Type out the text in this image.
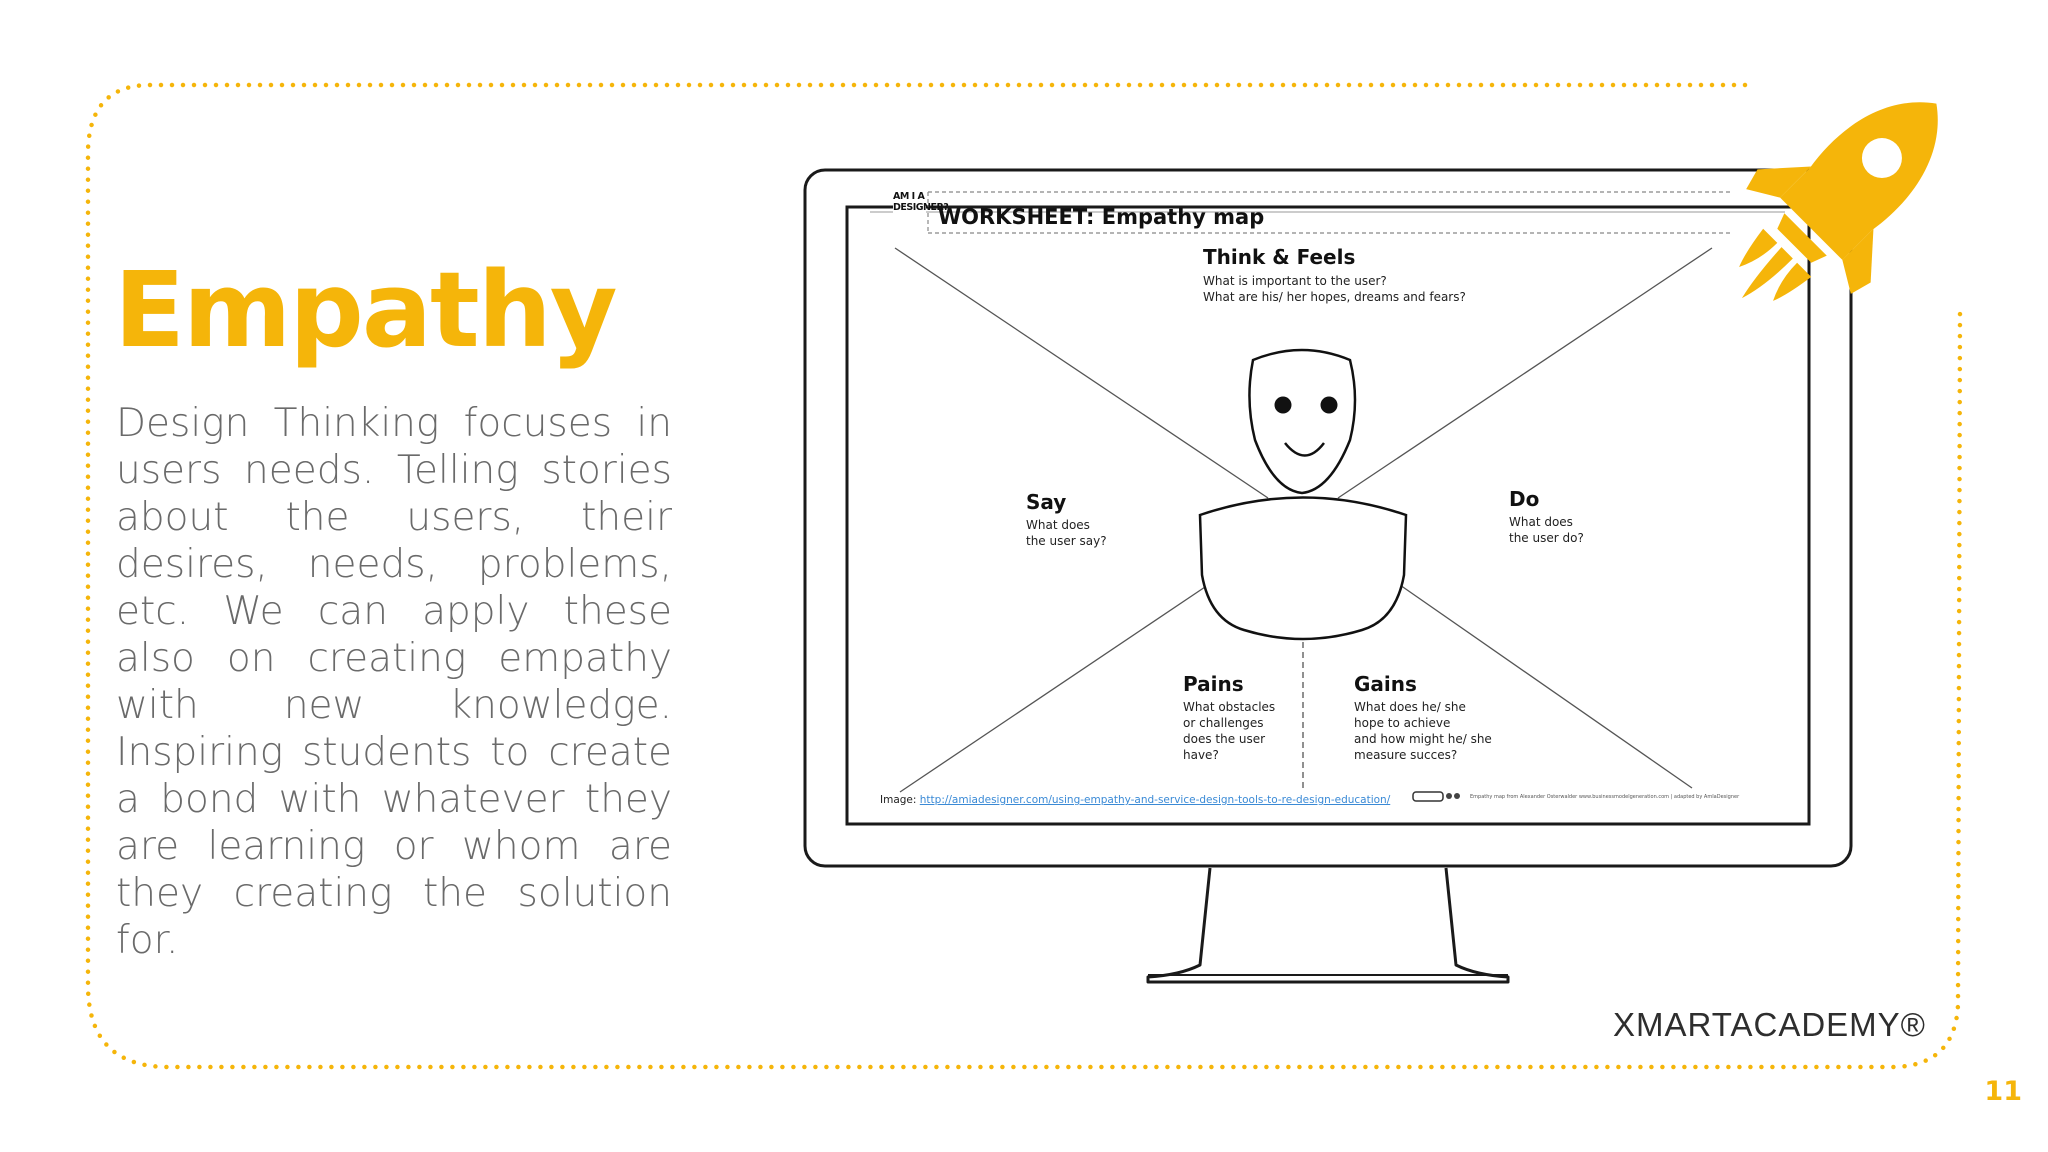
Empathy

Design Thinking focuses in users needs. Telling stories about the users, their desires, needs, problems, etc. We can apply these also on creating empathy with new knowledge. Inspiring students to create a bond with whatever they are learning or whom are they creating the solution for.

AM I A DESIGNER?
WORKSHEET: Empathy map
Think & Feels
What is important to the user?
What are his/ her hopes, dreams and fears?
Say
What does
the user say?
Do
What does
the user do?
Pains
What obstacles
or challenges
does the user
have?
Gains
What does he/ she
hope to achieve
and how might he/ she
measure succes?
Image: http://amiadesigner.com/using-empathy-and-service-design-tools-to-re-design-education/	Empathy map from Alexander Osterwalder www.businessmodelgeneration.com | adapted by AmIaDesigner
XMARTACADEMY®
11
